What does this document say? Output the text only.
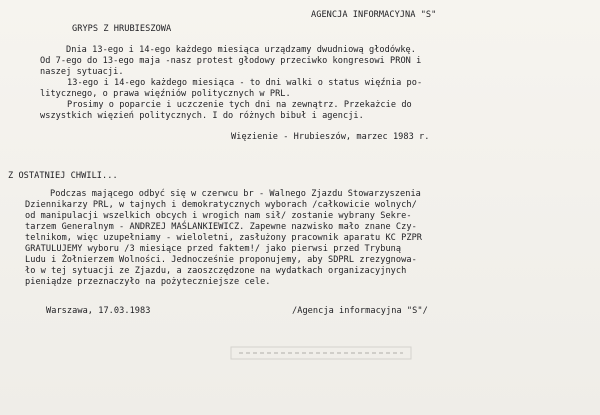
GRYPS Z HRUBIESZOWA
AGENCJA INFORMACYJNA "S"
Dnia 13-ego i 14-ego każdego miesiąca urządzamy dwudniową głodówkę.
Od 7-ego do 13-ego maja -nasz protest głodowy przeciwko kongresowi PRON i
naszej sytuacji.
13-ego i 14-ego każdego miesiąca - to dni walki o status więźnia po-
litycznego, o prawa więźniów politycznych w PRL.
Prosimy o poparcie i uczczenie tych dni na zewnątrz. Przekażcie do
wszystkich więzień politycznych. I do różnych bibuł i agencji.
Więzienie - Hrubieszów, marzec 1983 r.
Z OSTATNIEJ CHWILI...
Podczas mającego odbyć się w czerwcu br - Walnego Zjazdu Stowarzyszenia
Dziennikarzy PRL, w tajnych i demokratycznych wyborach /całkowicie wolnych/
od manipulacji wszelkich obcych i wrogich nam sił/ zostanie wybrany Sekre-
tarzem Generalnym - ANDRZEJ MAŚLANKIEWICZ. Zapewne nazwisko mało znane Czy-
telnikom, więc uzupełniamy - wieloletni, zasłużony pracownik aparatu KC PZPR
GRATULUJEMY wyboru /3 miesiące przed faktem!/ jako pierwsi przed Trybuną
Ludu i Żołnierzem Wolności. Jednocześnie proponujemy, aby SDPRL zrezygnowa-
ło w tej sytuacji ze Zjazdu, a zaoszczędzone na wydatkach organizacyjnych
pieniądze przeznaczyło na pożyteczniejsze cele.
Warszawa, 17.03.1983	/Agencja informacyjna "S"/
